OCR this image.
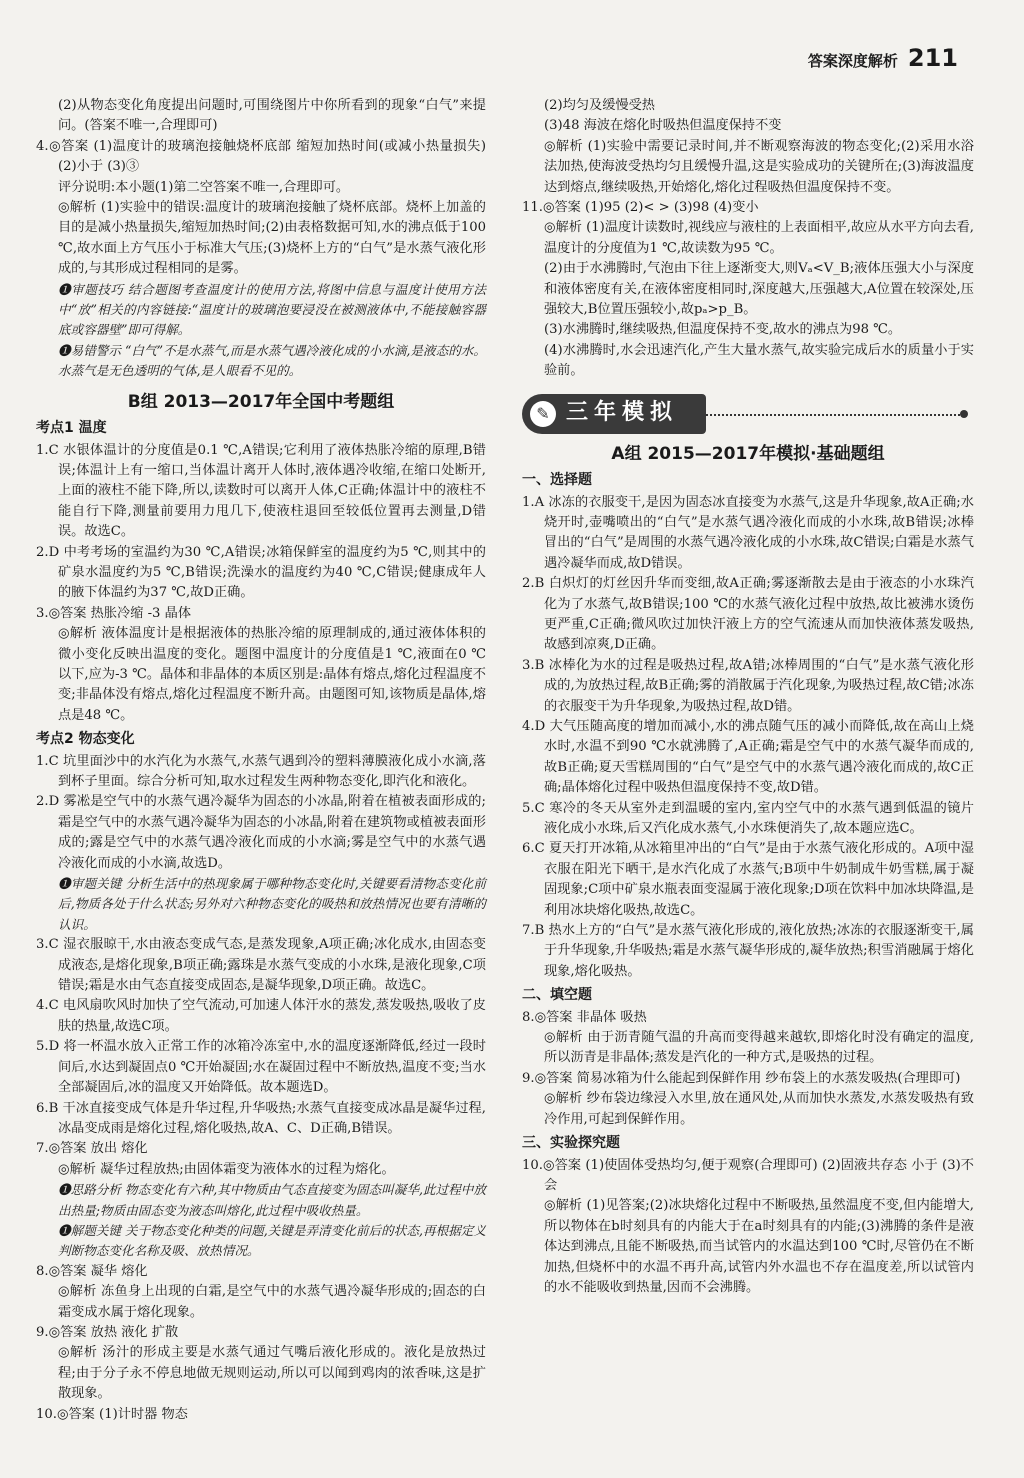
答案深度解析 211

(2)从物态变化角度提出问题时,可围绕图片中你所看到的现象“白气”来提问。(答案不唯一,合理即可)

4.◎答案 (1)温度计的玻璃泡接触烧杯底部 缩短加热时间(或减小热量损失) (2)小于 (3)③

评分说明:本小题(1)第二空答案不唯一,合理即可。

◎解析 (1)实验中的错误:温度计的玻璃泡接触了烧杯底部。烧杯上加盖的目的是减小热量损失,缩短加热时间;(2)由表格数据可知,水的沸点低于100 ℃,故水面上方气压小于标准大气压;(3)烧杯上方的“白气”是水蒸气液化形成的,与其形成过程相同的是雾。

❶审题技巧 结合题图考查温度计的使用方法,将图中信息与温度计使用方法中“放”相关的内容链接:“温度计的玻璃泡要浸没在被测液体中,不能接触容器底或容器壁”即可得解。

❶易错警示 “白气”不是水蒸气,而是水蒸气遇冷液化成的小水滴,是液态的水。水蒸气是无色透明的气体,是人眼看不见的。

B组 2013—2017年全国中考题组

考点1 温度

1.C 水银体温计的分度值是0.1 ℃,A错误;它利用了液体热胀冷缩的原理,B错误;体温计上有一缩口,当体温计离开人体时,液体遇冷收缩,在缩口处断开,上面的液柱不能下降,所以,读数时可以离开人体,C正确;体温计中的液柱不能自行下降,测量前要用力甩几下,使液柱退回至较低位置再去测量,D错误。故选C。

2.D 中考考场的室温约为30 ℃,A错误;冰箱保鲜室的温度约为5 ℃,则其中的矿泉水温度约为5 ℃,B错误;洗澡水的温度约为40 ℃,C错误;健康成年人的腋下体温约为37 ℃,故D正确。

3.◎答案 热胀冷缩 -3 晶体

◎解析 液体温度计是根据液体的热胀冷缩的原理制成的,通过液体体积的微小变化反映出温度的变化。题图中温度计的分度值是1 ℃,液面在0 ℃以下,应为-3 ℃。晶体和非晶体的本质区别是:晶体有熔点,熔化过程温度不变;非晶体没有熔点,熔化过程温度不断升高。由题图可知,该物质是晶体,熔点是48 ℃。

考点2 物态变化

1.C 坑里面沙中的水汽化为水蒸气,水蒸气遇到冷的塑料薄膜液化成小水滴,落到杯子里面。综合分析可知,取水过程发生两种物态变化,即汽化和液化。

2.D 雾凇是空气中的水蒸气遇冷凝华为固态的小冰晶,附着在植被表面形成的;霜是空气中的水蒸气遇冷凝华为固态的小冰晶,附着在建筑物或植被表面形成的;露是空气中的水蒸气遇冷液化而成的小水滴;雾是空气中的水蒸气遇冷液化而成的小水滴,故选D。

❶审题关键 分析生活中的热现象属于哪种物态变化时,关键要看清物态变化前后,物质各处于什么状态;另外对六种物态变化的吸热和放热情况也要有清晰的认识。

3.C 湿衣服晾干,水由液态变成气态,是蒸发现象,A项正确;冰化成水,由固态变成液态,是熔化现象,B项正确;露珠是水蒸气变成的小水珠,是液化现象,C项错误;霜是水由气态直接变成固态,是凝华现象,D项正确。故选C。

4.C 电风扇吹风时加快了空气流动,可加速人体汗水的蒸发,蒸发吸热,吸收了皮肤的热量,故选C项。

5.D 将一杯温水放入正常工作的冰箱冷冻室中,水的温度逐渐降低,经过一段时间后,水达到凝固点0 ℃开始凝固;水在凝固过程中不断放热,温度不变;当水全部凝固后,冰的温度又开始降低。故本题选D。

6.B 干冰直接变成气体是升华过程,升华吸热;水蒸气直接变成冰晶是凝华过程,冰晶变成雨是熔化过程,熔化吸热,故A、C、D正确,B错误。

7.◎答案 放出 熔化

◎解析 凝华过程放热;由固体霜变为液体水的过程为熔化。

❶思路分析 物态变化有六种,其中物质由气态直接变为固态叫凝华,此过程中放出热量;物质由固态变为液态叫熔化,此过程中吸收热量。

❶解题关键 关于物态变化种类的问题,关键是弄清变化前后的状态,再根据定义判断物态变化名称及吸、放热情况。

8.◎答案 凝华 熔化

◎解析 冻鱼身上出现的白霜,是空气中的水蒸气遇冷凝华形成的;固态的白霜变成水属于熔化现象。

9.◎答案 放热 液化 扩散

◎解析 汤汁的形成主要是水蒸气通过气嘴后液化形成的。液化是放热过程;由于分子永不停息地做无规则运动,所以可以闻到鸡肉的浓香味,这是扩散现象。

10.◎答案 (1)计时器 物态

(2)均匀及缓慢受热

(3)48 海波在熔化时吸热但温度保持不变

◎解析 (1)实验中需要记录时间,并不断观察海波的物态变化;(2)采用水浴法加热,使海波受热均匀且缓慢升温,这是实验成功的关键所在;(3)海波温度达到熔点,继续吸热,开始熔化,熔化过程吸热但温度保持不变。

11.◎答案 (1)95 (2)< > (3)98 (4)变小

◎解析 (1)温度计读数时,视线应与液柱的上表面相平,故应从水平方向去看,温度计的分度值为1 ℃,故读数为95 ℃。

(2)由于水沸腾时,气泡由下往上逐渐变大,则Vₐ<V_B;液体压强大小与深度和液体密度有关,在液体密度相同时,深度越大,压强越大,A位置在较深处,压强较大,B位置压强较小,故pₐ>p_B。

(3)水沸腾时,继续吸热,但温度保持不变,故水的沸点为98 ℃。

(4)水沸腾时,水会迅速汽化,产生大量水蒸气,故实验完成后水的质量小于实验前。

✎ 三年模拟

A组 2015—2017年模拟·基础题组

一、选择题

1.A 冰冻的衣服变干,是因为固态冰直接变为水蒸气,这是升华现象,故A正确;水烧开时,壶嘴喷出的“白气”是水蒸气遇冷液化而成的小水珠,故B错误;冰棒冒出的“白气”是周围的水蒸气遇冷液化成的小水珠,故C错误;白霜是水蒸气遇冷凝华而成,故D错误。

2.B 白炽灯的灯丝因升华而变细,故A正确;雾逐渐散去是由于液态的小水珠汽化为了水蒸气,故B错误;100 ℃的水蒸气液化过程中放热,故比被沸水烫伤更严重,C正确;微风吹过加快汗液上方的空气流速从而加快液体蒸发吸热,故感到凉爽,D正确。

3.B 冰棒化为水的过程是吸热过程,故A错;冰棒周围的“白气”是水蒸气液化形成的,为放热过程,故B正确;雾的消散属于汽化现象,为吸热过程,故C错;冰冻的衣服变干为升华现象,为吸热过程,故D错。

4.D 大气压随高度的增加而减小,水的沸点随气压的减小而降低,故在高山上烧水时,水温不到90 ℃水就沸腾了,A正确;霜是空气中的水蒸气凝华而成的,故B正确;夏天雪糕周围的“白气”是空气中的水蒸气遇冷液化而成的,故C正确;晶体熔化过程中吸热但温度保持不变,故D错。

5.C 寒冷的冬天从室外走到温暖的室内,室内空气中的水蒸气遇到低温的镜片液化成小水珠,后又汽化成水蒸气,小水珠便消失了,故本题应选C。

6.C 夏天打开冰箱,从冰箱里冲出的“白气”是由于水蒸气液化形成的。A项中湿衣服在阳光下晒干,是水汽化成了水蒸气;B项中牛奶制成牛奶雪糕,属于凝固现象;C项中矿泉水瓶表面变湿属于液化现象;D项在饮料中加冰块降温,是利用冰块熔化吸热,故选C。

7.B 热水上方的“白气”是水蒸气液化形成的,液化放热;冰冻的衣服逐渐变干,属于升华现象,升华吸热;霜是水蒸气凝华形成的,凝华放热;积雪消融属于熔化现象,熔化吸热。

二、填空题

8.◎答案 非晶体 吸热

◎解析 由于沥青随气温的升高而变得越来越软,即熔化时没有确定的温度,所以沥青是非晶体;蒸发是汽化的一种方式,是吸热的过程。

9.◎答案 简易冰箱为什么能起到保鲜作用 纱布袋上的水蒸发吸热(合理即可)

◎解析 纱布袋边缘浸入水里,放在通风处,从而加快水蒸发,水蒸发吸热有致冷作用,可起到保鲜作用。

三、实验探究题

10.◎答案 (1)使固体受热均匀,便于观察(合理即可) (2)固液共存态 小于 (3)不会

◎解析 (1)见答案;(2)冰块熔化过程中不断吸热,虽然温度不变,但内能增大,所以物体在b时刻具有的内能大于在a时刻具有的内能;(3)沸腾的条件是液体达到沸点,且能不断吸热,而当试管内的水温达到100 ℃时,尽管仍在不断加热,但烧杯中的水温不再升高,试管内外水温也不存在温度差,所以试管内的水不能吸收到热量,因而不会沸腾。
